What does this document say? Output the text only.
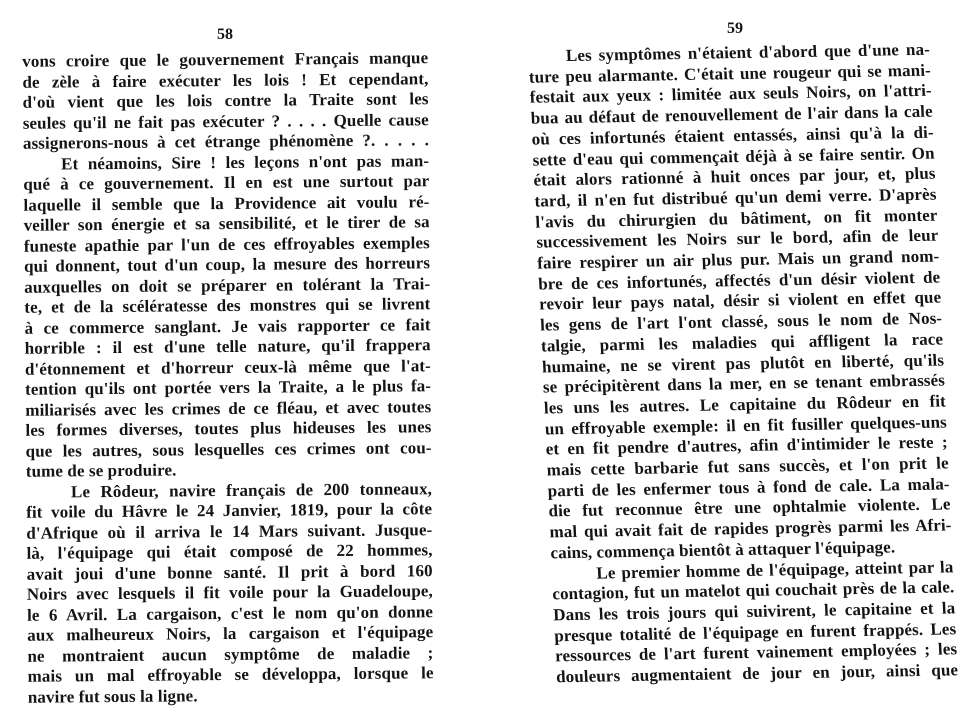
58	59
vons croire que le gouvernement Français manque
de zèle à faire exécuter les lois ! Et cependant,
d'où vient que les lois contre la Traite sont les
seules qu'il ne fait pas exécuter ? . . . . Quelle cause
assignerons-nous à cet étrange phénomène ?. . . . .
Et néamoins, Sire ! les leçons n'ont pas man-
qué à ce gouvernement. Il en est une surtout par
laquelle il semble que la Providence ait voulu ré-
veiller son énergie et sa sensibilité, et le tirer de sa
funeste apathie par l'un de ces effroyables exemples
qui donnent, tout d'un coup, la mesure des horreurs
auxquelles on doit se préparer en tolérant la Trai-
te, et de la scélératesse des monstres qui se livrent
à ce commerce sanglant. Je vais rapporter ce fait
horrible : il est d'une telle nature, qu'il frappera
d'étonnement et d'horreur ceux-là même que l'at-
tention qu'ils ont portée vers la Traite, a le plus fa-
miliarisés avec les crimes de ce fléau, et avec toutes
les formes diverses, toutes plus hideuses les unes
que les autres, sous lesquelles ces crimes ont cou-
tume de se produire.
Le Rôdeur, navire français de 200 tonneaux,
fit voile du Hâvre le 24 Janvier, 1819, pour la côte
d'Afrique où il arriva le 14 Mars suivant. Jusque-
là, l'équipage qui était composé de 22 hommes,
avait joui d'une bonne santé. Il prit à bord 160
Noirs avec lesquels il fit voile pour la Guadeloupe,
le 6 Avril. La cargaison, c'est le nom qu'on donne
aux malheureux Noirs, la cargaison et l'équipage
ne montraient aucun symptôme de maladie ;
mais un mal effroyable se développa, lorsque le
navire fut sous la ligne.
Les symptômes n'étaient d'abord que d'une na-
ture peu alarmante. C'était une rougeur qui se mani-
festait aux yeux : limitée aux seuls Noirs, on l'attri-
bua au défaut de renouvellement de l'air dans la cale
où ces infortunés étaient entassés, ainsi qu'à la di-
sette d'eau qui commençait déjà à se faire sentir. On
était alors rationné à huit onces par jour, et, plus
tard, il n'en fut distribué qu'un demi verre. D'après
l'avis du chirurgien du bâtiment, on fit monter
successivement les Noirs sur le bord, afin de leur
faire respirer un air plus pur. Mais un grand nom-
bre de ces infortunés, affectés d'un désir violent de
revoir leur pays natal, désir si violent en effet que
les gens de l'art l'ont classé, sous le nom de Nos-
talgie, parmi les maladies qui affligent la race
humaine, ne se virent pas plutôt en liberté, qu'ils
se précipitèrent dans la mer, en se tenant embrassés
les uns les autres. Le capitaine du Rôdeur en fit
un effroyable exemple: il en fit fusiller quelques-uns
et en fit pendre d'autres, afin d'intimider le reste ;
mais cette barbarie fut sans succès, et l'on prit le
parti de les enfermer tous à fond de cale. La mala-
die fut reconnue être une ophtalmie violente. Le
mal qui avait fait de rapides progrès parmi les Afri-
cains, commença bientôt à attaquer l'équipage.
Le premier homme de l'équipage, atteint par la
contagion, fut un matelot qui couchait près de la cale.
Dans les trois jours qui suivirent, le capitaine et la
presque totalité de l'équipage en furent frappés. Les
ressources de l'art furent vainement employées ; les
douleurs augmentaient de jour en jour, ainsi que
